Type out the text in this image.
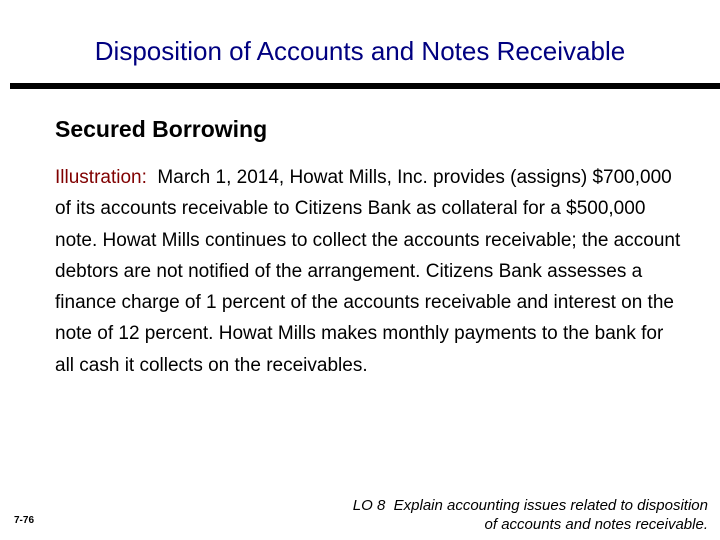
Disposition of Accounts and Notes Receivable
Secured Borrowing

Illustration:  March 1, 2014, Howat Mills, Inc. provides (assigns) $700,000 of its accounts receivable to Citizens Bank as collateral for a $500,000 note. Howat Mills continues to collect the accounts receivable; the account debtors are not notified of the arrangement. Citizens Bank assesses a finance charge of 1 percent of the accounts receivable and interest on the note of 12 percent. Howat Mills makes monthly payments to the bank for all cash it collects on the receivables.

7-76
LO 8  Explain accounting issues related to disposition
of accounts and notes receivable.
